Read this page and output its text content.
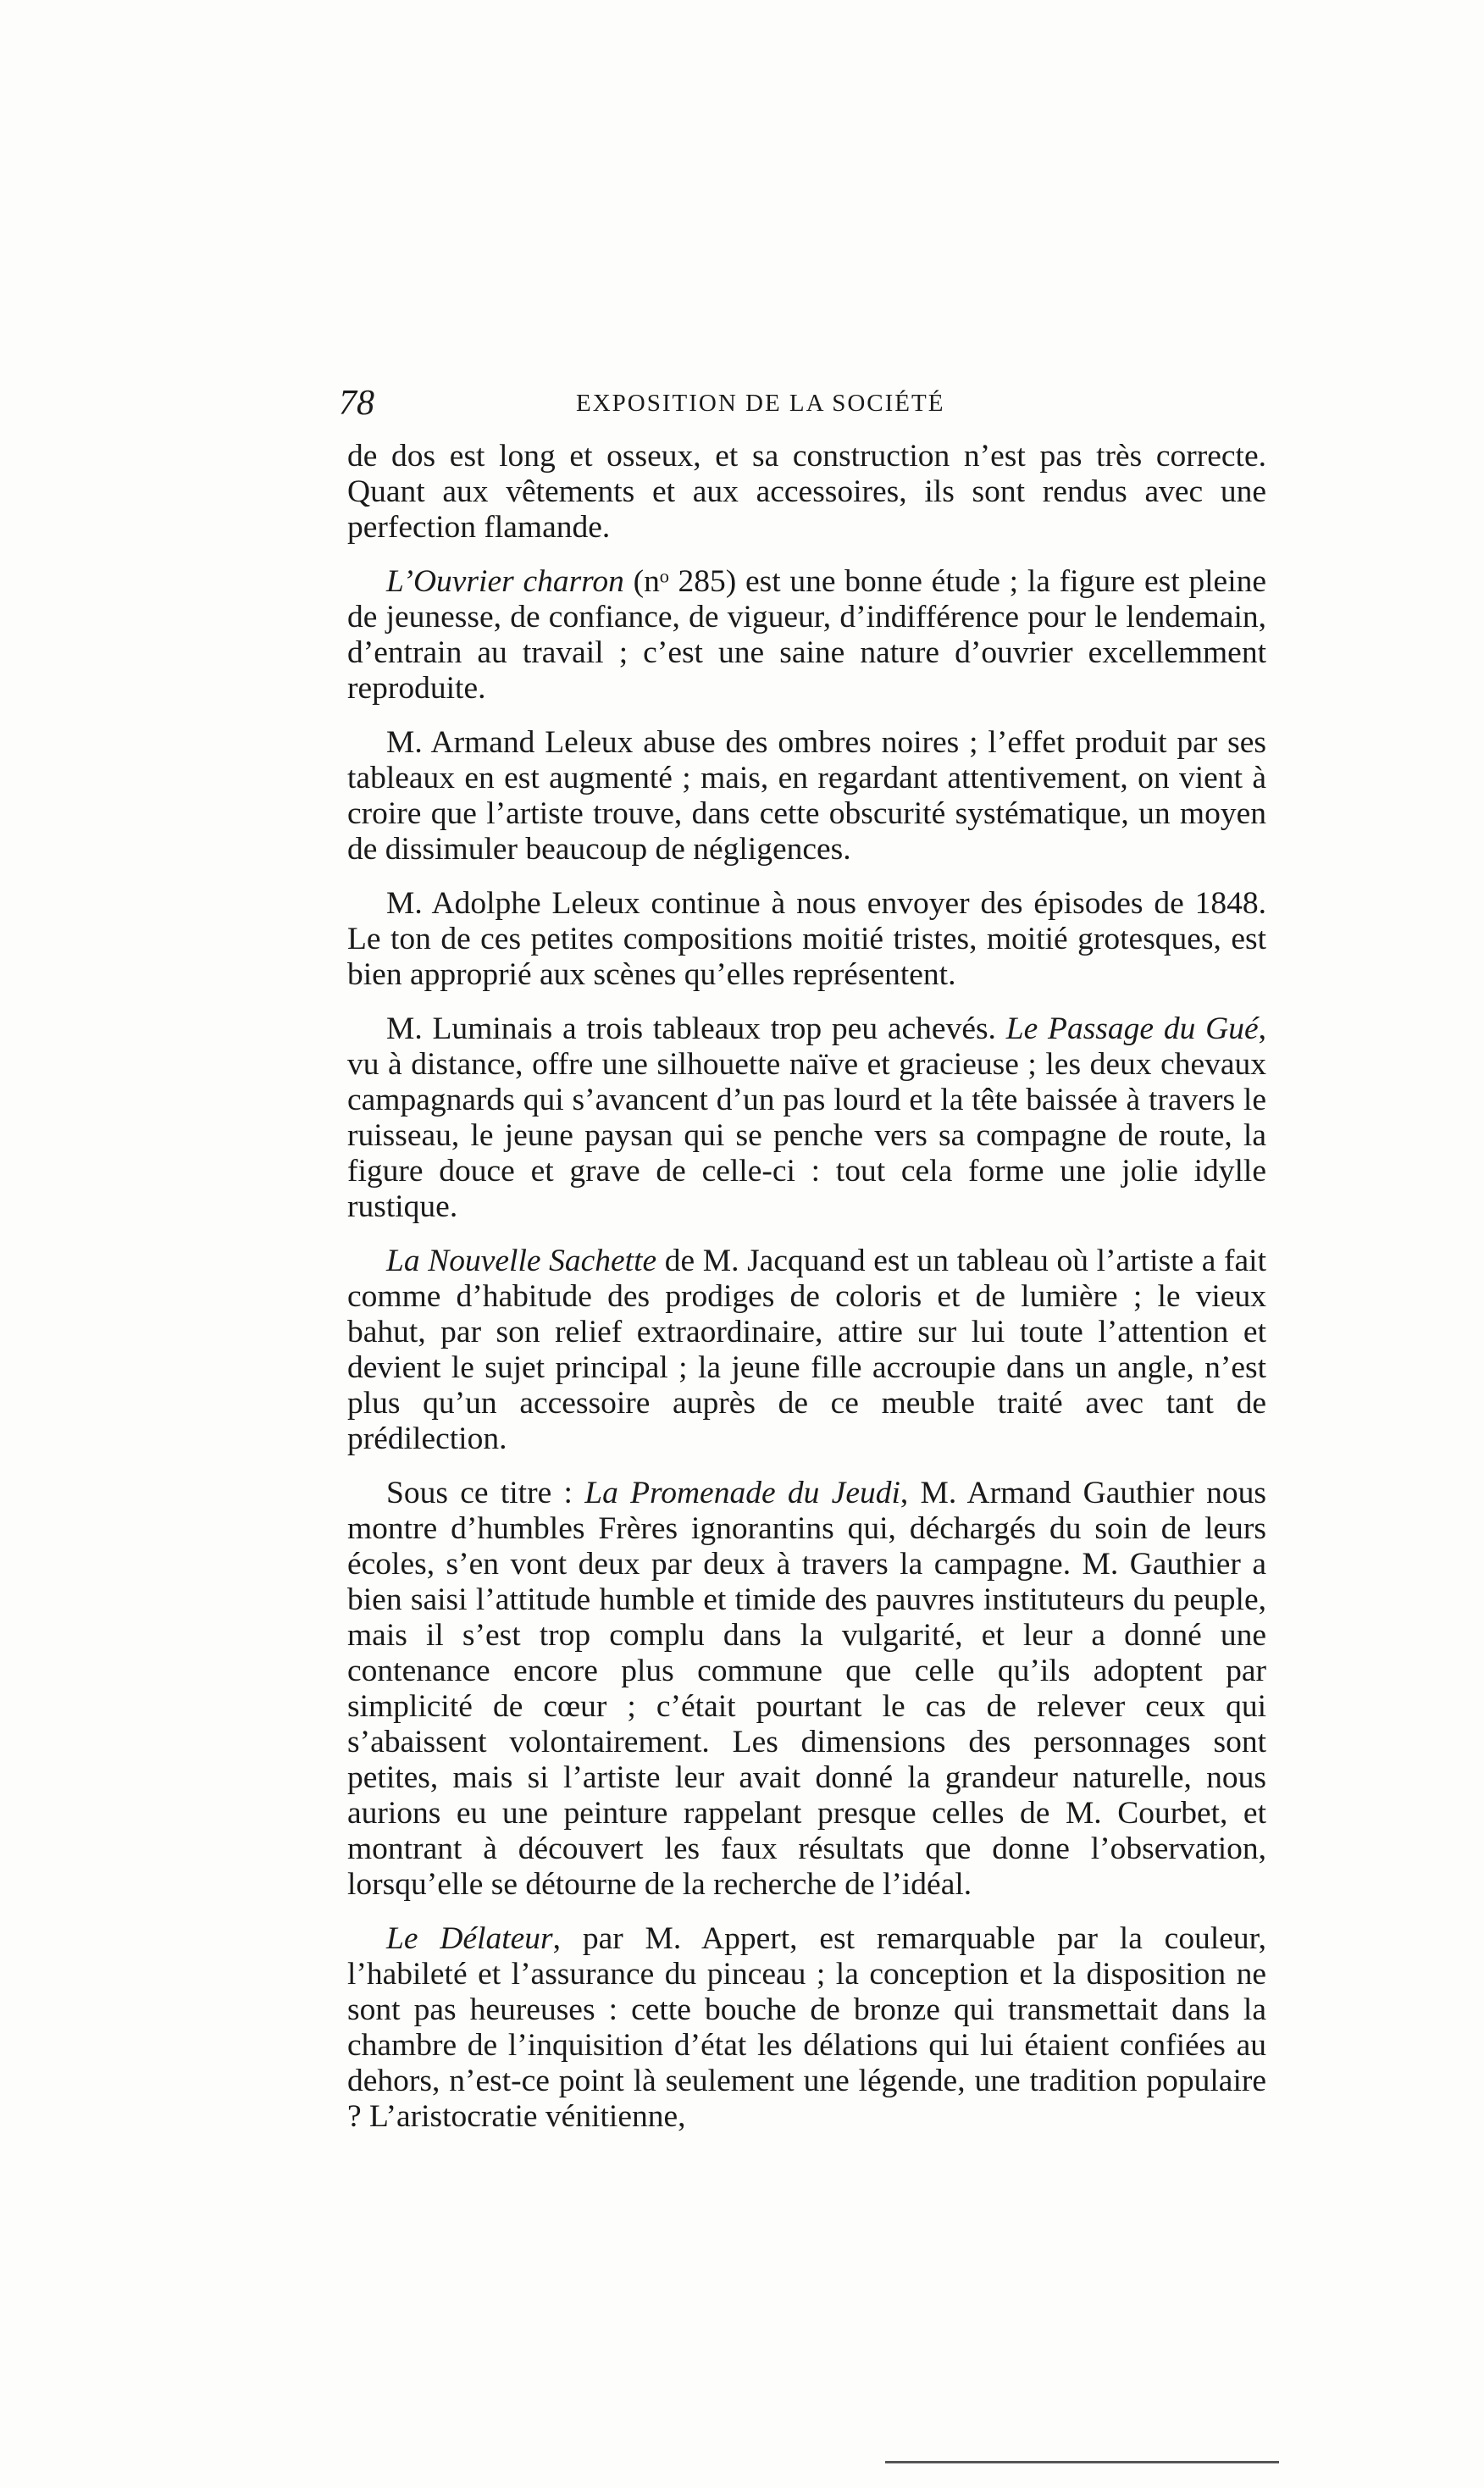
78	EXPOSITION DE LA SOCIÉTÉ

de dos est long et osseux, et sa construction n’est pas très correcte. Quant aux vêtements et aux accessoires, ils sont rendus avec une perfection flamande.

L’Ouvrier charron (nᵒ 285) est une bonne étude ; la figure est pleine de jeunesse, de confiance, de vigueur, d’indifférence pour le lendemain, d’entrain au travail ; c’est une saine nature d’ouvrier excellemment reproduite.

M. Armand Leleux abuse des ombres noires ; l’effet produit par ses tableaux en est augmenté ; mais, en regardant attentivement, on vient à croire que l’artiste trouve, dans cette obscurité systématique, un moyen de dissimuler beaucoup de négligences.

M. Adolphe Leleux continue à nous envoyer des épisodes de 1848. Le ton de ces petites compositions moitié tristes, moitié grotesques, est bien approprié aux scènes qu’elles représentent.

M. Luminais a trois tableaux trop peu achevés. Le Passage du Gué, vu à distance, offre une silhouette naïve et gracieuse ; les deux chevaux campagnards qui s’avancent d’un pas lourd et la tête baissée à travers le ruisseau, le jeune paysan qui se penche vers sa compagne de route, la figure douce et grave de celle-ci : tout cela forme une jolie idylle rustique.

La Nouvelle Sachette de M. Jacquand est un tableau où l’artiste a fait comme d’habitude des prodiges de coloris et de lumière ; le vieux bahut, par son relief extraordinaire, attire sur lui toute l’attention et devient le sujet principal ; la jeune fille accroupie dans un angle, n’est plus qu’un accessoire auprès de ce meuble traité avec tant de prédilection.

Sous ce titre : La Promenade du Jeudi, M. Armand Gauthier nous montre d’humbles Frères ignorantins qui, déchargés du soin de leurs écoles, s’en vont deux par deux à travers la campagne. M. Gauthier a bien saisi l’attitude humble et timide des pauvres instituteurs du peuple, mais il s’est trop complu dans la vulgarité, et leur a donné une contenance encore plus commune que celle qu’ils adoptent par simplicité de cœur ; c’était pourtant le cas de relever ceux qui s’abaissent volontairement. Les dimensions des personnages sont petites, mais si l’artiste leur avait donné la grandeur naturelle, nous aurions eu une peinture rappelant presque celles de M. Courbet, et montrant à découvert les faux résultats que donne l’observation, lorsqu’elle se détourne de la recherche de l’idéal.

Le Délateur, par M. Appert, est remarquable par la couleur, l’habileté et l’assurance du pinceau ; la conception et la disposition ne sont pas heureuses : cette bouche de bronze qui transmettait dans la chambre de l’inquisition d’état les délations qui lui étaient confiées au dehors, n’est-ce point là seulement une légende, une tradition populaire ? L’aristocratie vénitienne,
